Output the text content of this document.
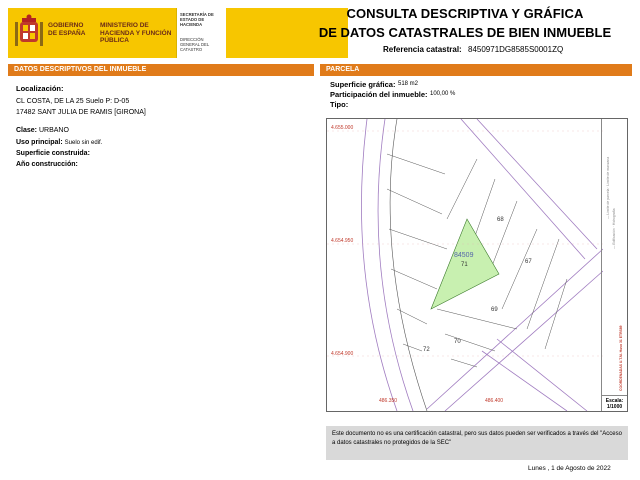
GOBIERNO DE ESPAÑA
MINISTERIO DE HACIENDA Y FUNCIÓN PÚBLICA
SECRETARÍA DE ESTADO DE HACIENDA
DIRECCIÓN GENERAL DEL CATASTRO
CONSULTA DESCRIPTIVA Y GRÁFICA
DE DATOS CATASTRALES DE BIEN INMUEBLE
Referencia catastral: 8450971DG8585S0001ZQ
DATOS DESCRIPTIVOS DEL INMUEBLE	PARCELA
Localización:
CL COSTA, DE LA 25 Suelo P: D-05
17482 SANT JULIA DE RAMIS [GIRONA]
Clase: URBANO
Uso principal: Suelo sin edif.
Superficie construida:
Año construcción:
Superficie gráfica: 518 m2
Participación del inmueble: 100,00 %
Tipo:
4.655.000
4.654.950
4.654.900
486.350	486.400
84509
71
68
67
69
70
72
— Límite de parcela · Límite de manzana
— Edificación · Hidrografía
COORDENADAS U.T.M. Huso 31 ETRS89
Escala:
1/1000
Este documento no es una certificación catastral, pero sus datos pueden ser verificados a través del "Acceso a datos catastrales no protegidos de la SEC"
Lunes , 1 de Agosto de 2022
